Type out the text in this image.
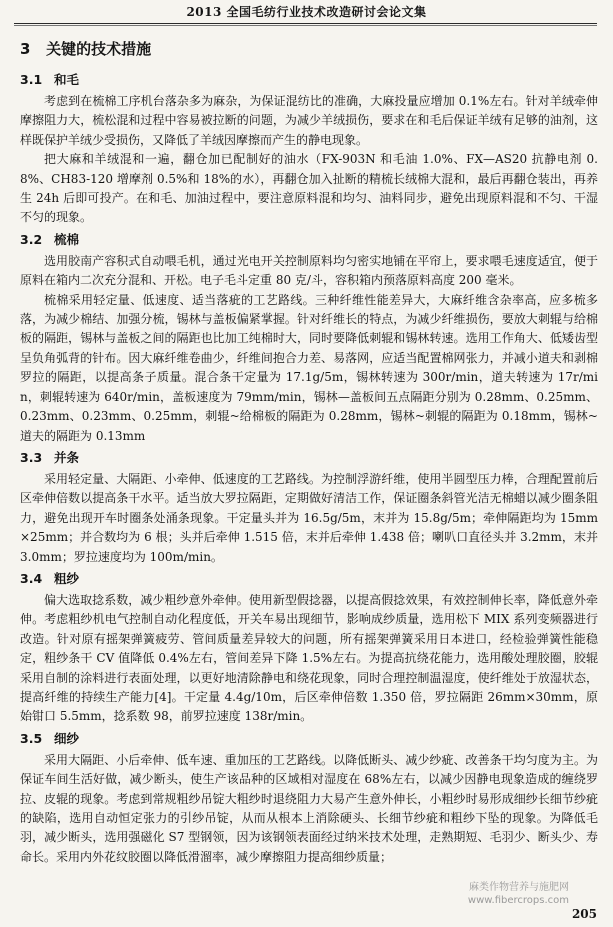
2013 全国毛纺行业技术改造研讨会论文集
3 关键的技术措施
3.1 和毛

考虑到在梳棉工序机台落杂多为麻杂，为保证混纺比的准确，大麻投量应增加 0.1%左右。针对羊绒牵伸摩擦阻力大，梳松混和过程中容易被拉断的问题，为减少羊绒损伤，要求在和毛后保证羊绒有足够的油剂，这样既保护羊绒少受损伤，又降低了羊绒因摩擦而产生的静电现象。

把大麻和羊绒混和一遍，翻仓加已配制好的油水（FX-903N 和毛油 1.0%、FX—AS20 抗静电剂 0.8%、CH83-120 增摩剂 0.5%和 18%的水），再翻仓加入扯断的精梳长绒棉大混和，最后再翻仓装出，再养生 24h 后即可投产。在和毛、加油过程中，要注意原料混和均匀、油料同步，避免出现原料混和不匀、干湿不匀的现象。

3.2 梳棉

选用胶南产容积式自动喂毛机，通过光电开关控制原料均匀密实地铺在平帘上，要求喂毛速度适宜，便于原料在箱内二次充分混和、开松。电子毛斗定重 80 克/斗，容积箱内预落原料高度 200 毫米。

梳棉采用轻定量、低速度、适当落疵的工艺路线。三种纤维性能差异大，大麻纤维含杂率高，应多梳多落，为减少棉结、加强分梳，锡林与盖板偏紧掌握。针对纤维长的特点，为减少纤维损伤，要放大刺辊与给棉板的隔距，锡林与盖板之间的隔距也比加工纯棉时大，同时要降低刺辊和锡林转速。选用工作角大、低矮齿型呈负角弧背的针布。因大麻纤维卷曲少，纤维间抱合力差、易落网，应适当配置棉网张力，并减小道夫和剥棉罗拉的隔距，以提高条子质量。混合条干定量为 17.1g/5m，锡林转速为 300r/min，道夫转速为 17r/min，刺辊转速为 640r/min，盖板速度为 79mm/min，锡林—盖板间五点隔距分别为 0.28mm、0.25mm、0.23mm、0.23mm、0.25mm，刺辊~给棉板的隔距为 0.28mm，锡林~刺辊的隔距为 0.18mm，锡林~道夫的隔距为 0.13mm

3.3 并条

采用轻定量、大隔距、小牵伸、低速度的工艺路线。为控制浮游纤维，使用半圆型压力棒，合理配置前后区牵伸倍数以提高条干水平。适当放大罗拉隔距，定期做好清洁工作，保证圈条斜管光洁无棉蜡以减少圈条阻力，避免出现开车时圈条处涌条现象。干定量头并为 16.5g/5m，末并为 15.8g/5m；牵伸隔距均为 15mm×25mm；并合数均为 6 根；头并后牵伸 1.515 倍，末并后牵伸 1.438 倍；喇叭口直径头并 3.2mm，末并 3.0mm；罗拉速度均为 100m/min。

3.4 粗纱

偏大选取捻系数，减少粗纱意外牵伸。使用新型假捻器，以提高假捻效果，有效控制伸长率，降低意外牵伸。考虑粗纱机电气控制自动化程度低，开关车易出现细节，影响成纱质量，选用松下 MIX 系列变频器进行改造。针对原有摇架弹簧疲劳、管间质量差异较大的问题，所有摇架弹簧采用日本进口，经检验弹簧性能稳定，粗纱条干 CV 值降低 0.4%左右，管间差异下降 1.5%左右。为提高抗绕花能力，选用酸处理胶圈，胶辊采用自制的涂料进行表面处理，以更好地清除静电和绕花现象，同时合理控制温湿度，使纤维处于放湿状态，提高纤维的持续生产能力[4]。干定量 4.4g/10m，后区牵伸倍数 1.350 倍，罗拉隔距 26mm×30mm，原始钳口 5.5mm，捻系数 98，前罗拉速度 138r/min。

3.5 细纱

采用大隔距、小后牵伸、低车速、重加压的工艺路线。以降低断头、减少纱疵、改善条干均匀度为主。为保证车间生活好做，减少断头，使生产该品种的区域相对湿度在 68%左右，以减少因静电现象造成的缠绕罗拉、皮辊的现象。考虑到常规粗纱吊锭大粗纱时退绕阻力大易产生意外伸长，小粗纱时易形成细纱长细节纱疵的缺陷，选用自动恒定张力的引纱吊锭，从而从根本上消除硬头、长细节纱疵和粗纱下坠的现象。为降低毛羽，减少断头，选用强磁化 S7 型钢领，因为该钢领表面经过纳米技术处理，走熟期短、毛羽少、断头少、寿命长。采用内外花纹胶圈以降低滑溜率，减少摩擦阻力提高细纱质量；

麻类作物营养与施肥网
www.fibercrops.com
205
